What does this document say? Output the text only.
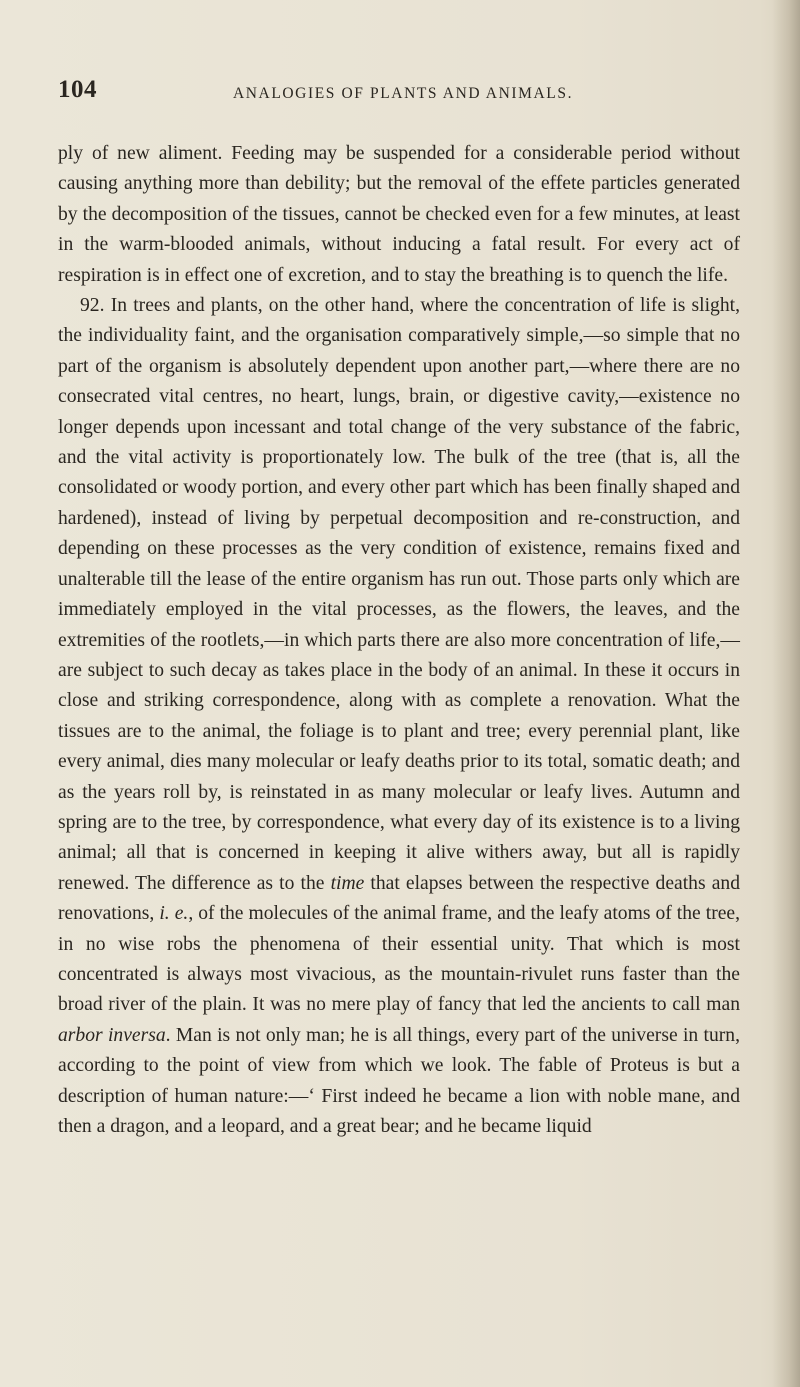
104	ANALOGIES OF PLANTS AND ANIMALS.

ply of new aliment. Feeding may be suspended for a considerable period without causing anything more than debility; but the removal of the effete particles generated by the decomposition of the tissues, cannot be checked even for a few minutes, at least in the warm-blooded animals, without inducing a fatal result. For every act of respiration is in effect one of excretion, and to stay the breathing is to quench the life.

92. In trees and plants, on the other hand, where the concentration of life is slight, the individuality faint, and the organisation comparatively simple,—so simple that no part of the organism is absolutely dependent upon another part,—where there are no consecrated vital centres, no heart, lungs, brain, or digestive cavity,—existence no longer depends upon incessant and total change of the very substance of the fabric, and the vital activity is proportionately low. The bulk of the tree (that is, all the consolidated or woody portion, and every other part which has been finally shaped and hardened), instead of living by perpetual decomposition and re-construction, and depending on these processes as the very condition of existence, remains fixed and unalterable till the lease of the entire organism has run out. Those parts only which are immediately employed in the vital processes, as the flowers, the leaves, and the extremities of the rootlets,—in which parts there are also more concentration of life,—are subject to such decay as takes place in the body of an animal. In these it occurs in close and striking correspondence, along with as complete a renovation. What the tissues are to the animal, the foliage is to plant and tree; every perennial plant, like every animal, dies many molecular or leafy deaths prior to its total, somatic death; and as the years roll by, is reinstated in as many molecular or leafy lives. Autumn and spring are to the tree, by correspondence, what every day of its existence is to a living animal; all that is concerned in keeping it alive withers away, but all is rapidly renewed. The difference as to the time that elapses between the respective deaths and renovations, i. e., of the molecules of the animal frame, and the leafy atoms of the tree, in no wise robs the phenomena of their essential unity. That which is most concentrated is always most vivacious, as the mountain-rivulet runs faster than the broad river of the plain. It was no mere play of fancy that led the ancients to call man arbor inversa. Man is not only man; he is all things, every part of the universe in turn, according to the point of view from which we look. The fable of Proteus is but a description of human nature:—‘ First indeed he became a lion with noble mane, and then a dragon, and a leopard, and a great bear; and he became liquid
